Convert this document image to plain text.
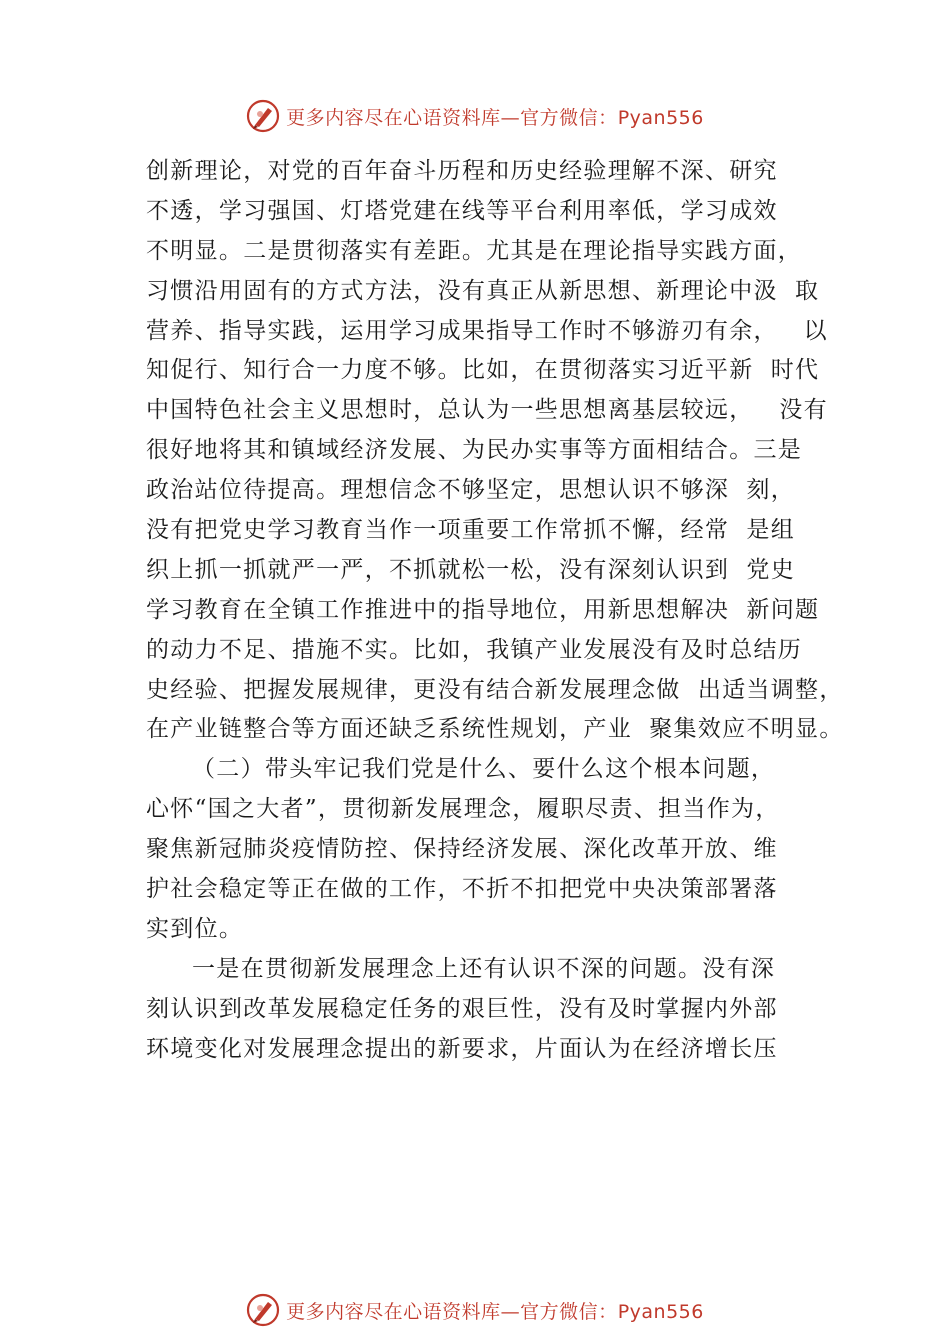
更多内容尽在心语资料库—官方微信：Pyan556
创新理论，对党的百年奋斗历程和历史经验理解不深、研究
不透，学习强国、灯塔党建在线等平台利用率低，学习成效
不明显。二是贯彻落实有差距。尤其是在理论指导实践方面，
习惯沿用固有的方式方法，没有真正从新思想、新理论中汲  取
营养、指导实践，运用学习成果指导工作时不够游刃有余，   以
知促行、知行合一力度不够。比如，在贯彻落实习近平新  时代
中国特色社会主义思想时，总认为一些思想离基层较远，   没有
很好地将其和镇域经济发展、为民办实事等方面相结合。三是
政治站位待提高。理想信念不够坚定，思想认识不够深  刻，
没有把党史学习教育当作一项重要工作常抓不懈，经常  是组
织上抓一抓就严一严，不抓就松一松，没有深刻认识到  党史
学习教育在全镇工作推进中的指导地位，用新思想解决  新问题
的动力不足、措施不实。比如，我镇产业发展没有及时总结历
史经验、把握发展规律，更没有结合新发展理念做  出适当调整，
在产业链整合等方面还缺乏系统性规划，产业  聚集效应不明显。
（二）带头牢记我们党是什么、要什么这个根本问题，
心怀“国之大者”，贯彻新发展理念，履职尽责、担当作为，
聚焦新冠肺炎疫情防控、保持经济发展、深化改革开放、维
护社会稳定等正在做的工作，不折不扣把党中央决策部署落
实到位。
一是在贯彻新发展理念上还有认识不深的问题。没有深
刻认识到改革发展稳定任务的艰巨性，没有及时掌握内外部
环境变化对发展理念提出的新要求，片面认为在经济增长压
更多内容尽在心语资料库—官方微信：Pyan556
